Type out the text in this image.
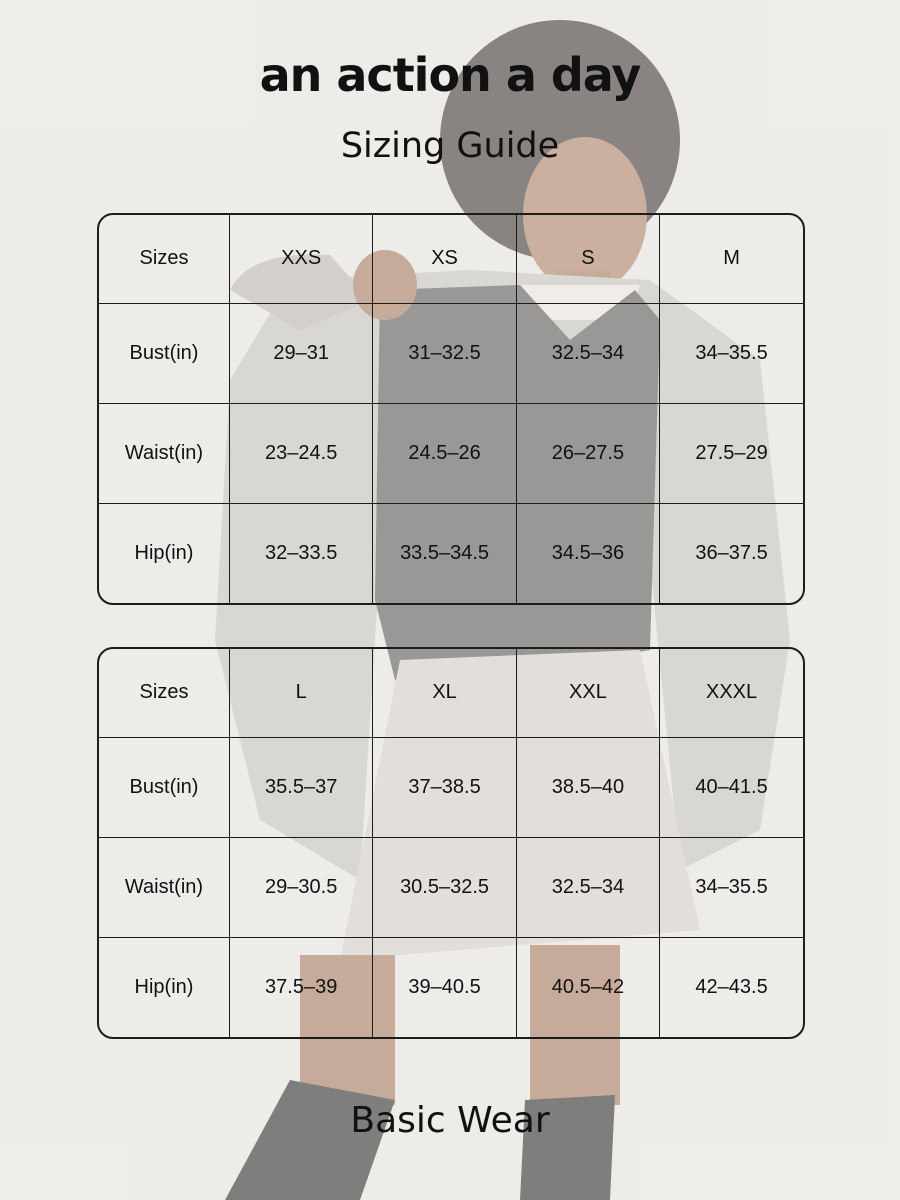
an action a day
Sizing Guide
Sizes	XXS	XS	S	M
Bust(in)	29–31	31–32.5	32.5–34	34–35.5
Waist(in)	23–24.5	24.5–26	26–27.5	27.5–29
Hip(in)	32–33.5	33.5–34.5	34.5–36	36–37.5
Sizes	L	XL	XXL	XXXL
Bust(in)	35.5–37	37–38.5	38.5–40	40–41.5
Waist(in)	29–30.5	30.5–32.5	32.5–34	34–35.5
Hip(in)	37.5–39	39–40.5	40.5–42	42–43.5
Basic Wear
